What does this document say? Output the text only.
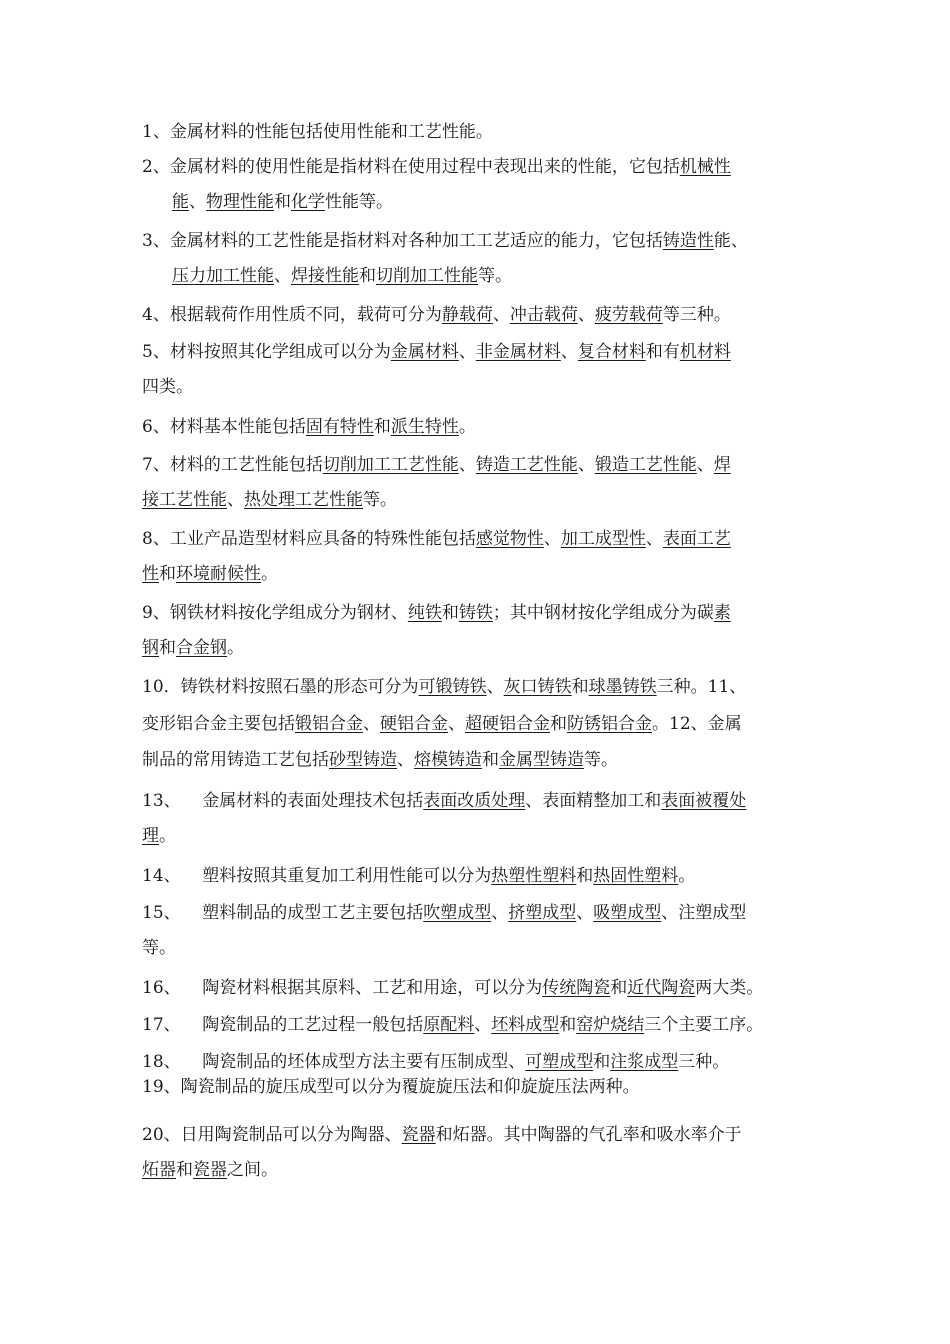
1、金属材料的性能包括使用性能和工艺性能。
2、金属材料的使用性能是指材料在使用过程中表现出来的性能，它包括机械性
能、物理性能和化学性能等。
3、金属材料的工艺性能是指材料对各种加工工艺适应的能力，它包括铸造性能、
压力加工性能、焊接性能和切削加工性能等。
4、根据载荷作用性质不同，载荷可分为静载荷、冲击载荷、疲劳载荷等三种。
5、材料按照其化学组成可以分为金属材料、非金属材料、复合材料和有机材料
四类。
6、材料基本性能包括固有特性和派生特性。
7、材料的工艺性能包括切削加工工艺性能、铸造工艺性能、锻造工艺性能、焊
接工艺性能、热处理工艺性能等。
8、工业产品造型材料应具备的特殊性能包括感觉物性、加工成型性、表面工艺
性和环境耐候性。
9、钢铁材料按化学组成分为钢材、纯铁和铸铁；其中钢材按化学组成分为碳素
钢和合金钢。
10．铸铁材料按照石墨的形态可分为可锻铸铁、灰口铸铁和球墨铸铁三种。11、
变形铝合金主要包括锻铝合金、硬铝合金、超硬铝合金和防锈铝合金。12、金属
制品的常用铸造工艺包括砂型铸造、熔模铸造和金属型铸造等。
13、    金属材料的表面处理技术包括表面改质处理、表面精整加工和表面被覆处
理。
14、    塑料按照其重复加工利用性能可以分为热塑性塑料和热固性塑料。
15、    塑料制品的成型工艺主要包括吹塑成型、挤塑成型、吸塑成型、注塑成型
等。
16、    陶瓷材料根据其原料、工艺和用途，可以分为传统陶瓷和近代陶瓷两大类。
17、    陶瓷制品的工艺过程一般包括原配料、坯料成型和窑炉烧结三个主要工序。
18、    陶瓷制品的坯体成型方法主要有压制成型、可塑成型和注浆成型三种。
19、陶瓷制品的旋压成型可以分为覆旋旋压法和仰旋旋压法两种。
20、日用陶瓷制品可以分为陶器、瓷器和炻器。其中陶器的气孔率和吸水率介于
炻器和瓷器之间。
